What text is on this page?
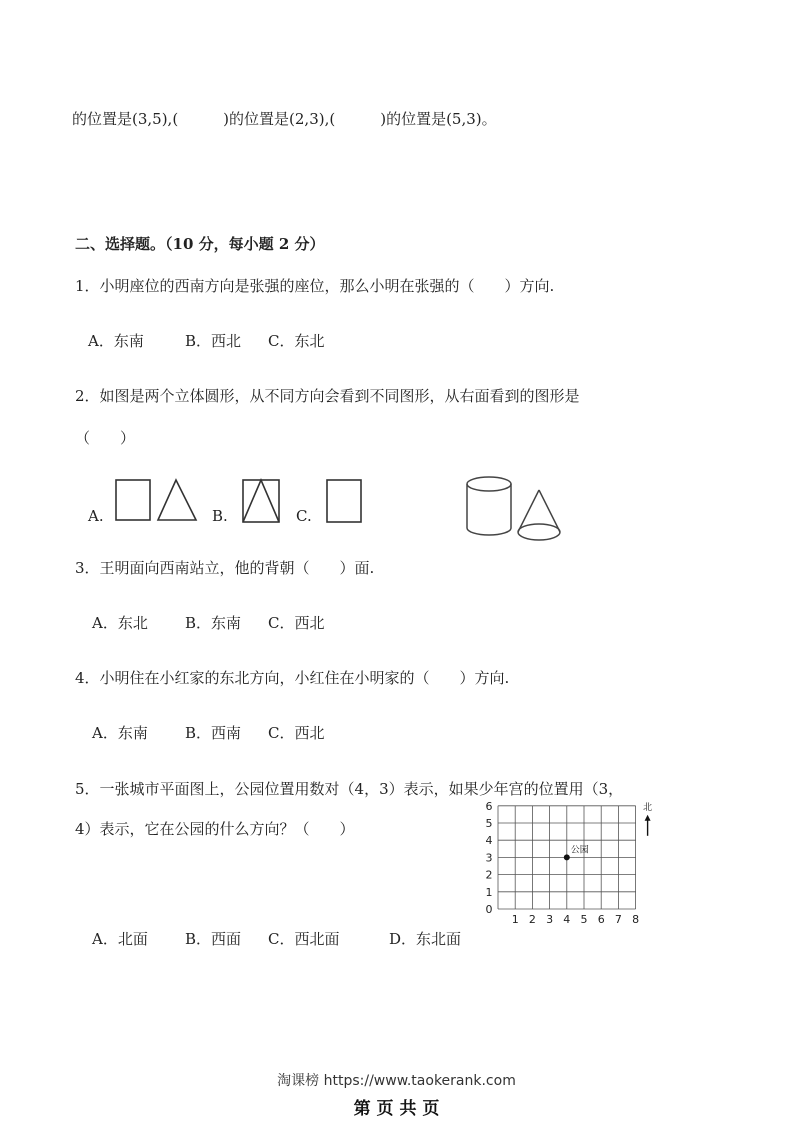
的位置是(3,5),(　　　)的位置是(2,3),(　　　)的位置是(5,3)。
二、选择题。（10 分，每小题 2 分）
1．小明座位的西南方向是张强的座位，那么小明在张强的（　　）方向.
A．东南	B．西北 C．东北
2．如图是两个立体圆形，从不同方向会看到不同图形，从右面看到的图形是
（　　）
A.	B.	C.
3．王明面向西南站立，他的背朝（　　）面.
A．东北 B．东南 C．西北
4．小明住在小红家的东北方向，小红住在小明家的（　　）方向.
A．东南 B．西南 C．西北
5．一张城市平面图上，公园位置用数对（4，3）表示，如果少年宫的位置用（3，
4）表示，它在公园的什么方向？（　　）
0
1
2
3
4
5
6
1 2 3 4 5 6 7 8
公园
北
A．北面 B．西面 C．西北面	D．东北面
淘课榜 https://www.taokerank.com
第 页 共 页
